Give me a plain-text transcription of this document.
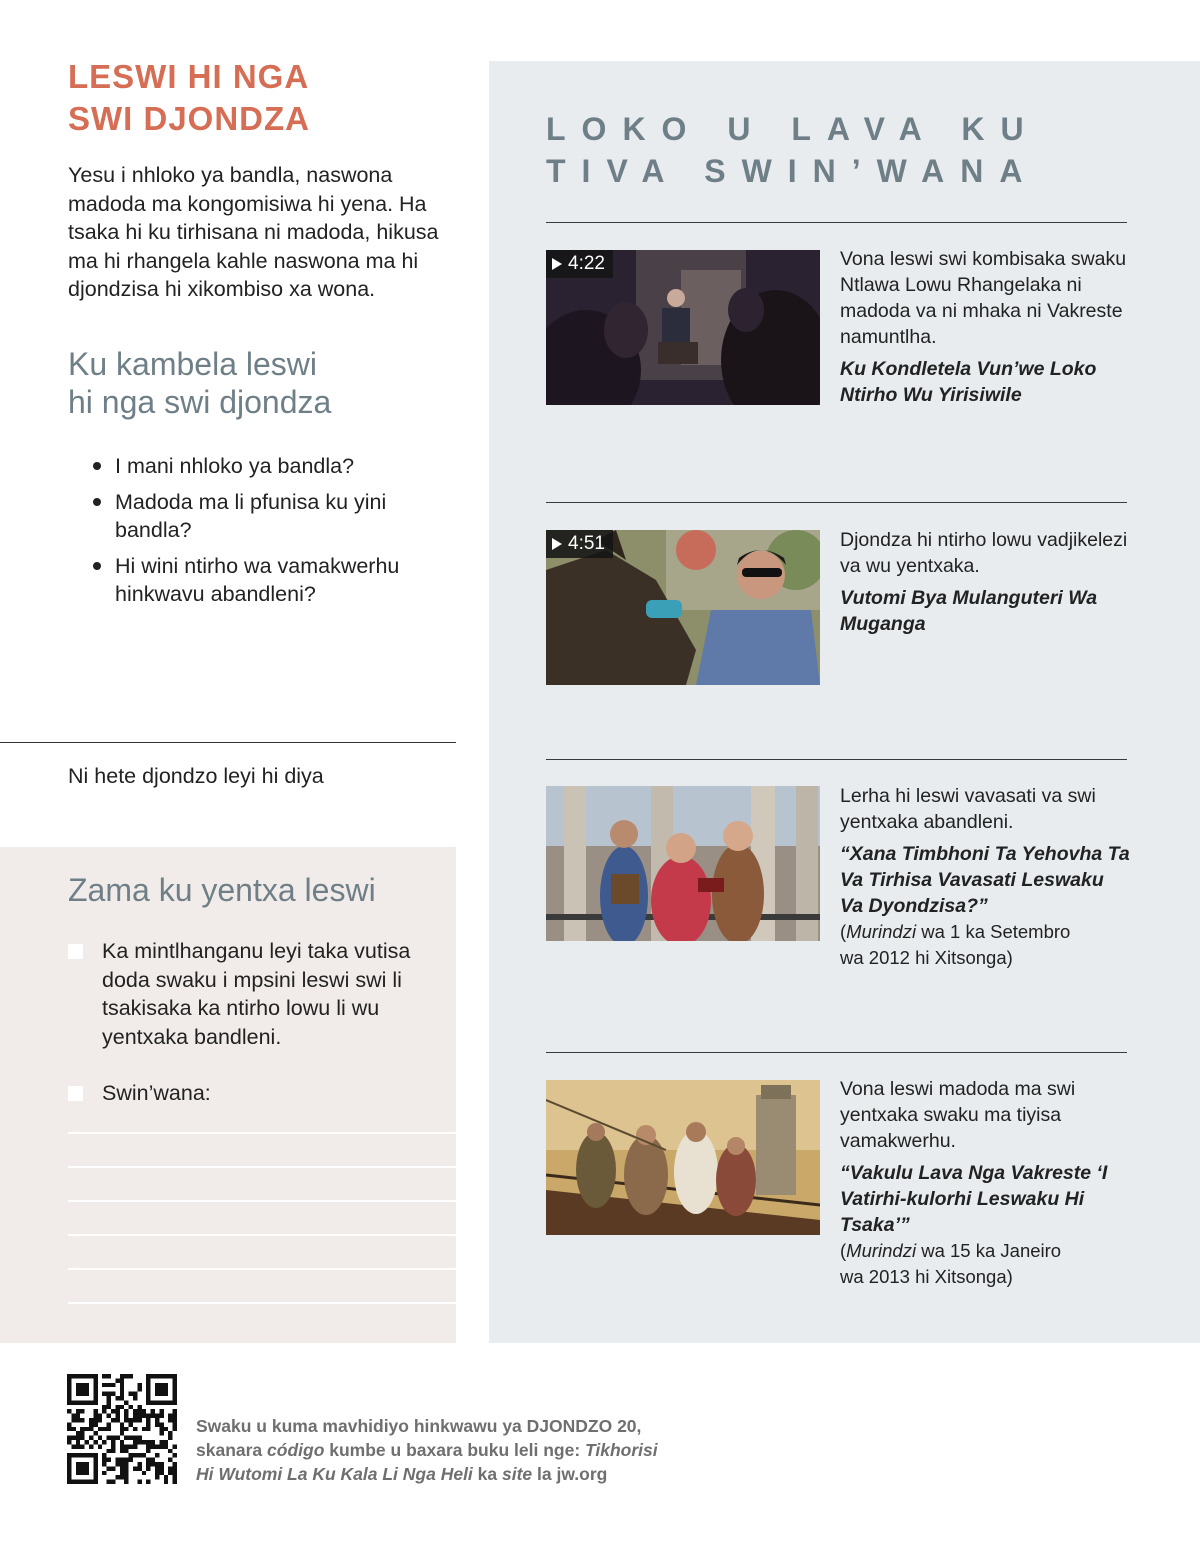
LESWI HI NGA
SWI DJONDZA

Yesu i nhloko ya bandla, naswona madoda ma kongomisiwa hi yena. Ha tsaka hi ku tirhisana ni madoda, hikusa ma hi rhangela kahle naswona ma hi djondzisa hi xikombiso xa wona.

Ku kambela leswi
hi nga swi djondza
I mani nhloko ya bandla?
Madoda ma li pfunisa ku yini bandla?
Hi wini ntirho wa vamakwerhu hinkwavu abandleni?
Ni hete djondzo leyi hi diya
Zama ku yentxa leswi
Ka mintlhanganu leyi taka vutisa doda swaku i mpsini leswi swi li tsakisaka ka ntirho lowu li wu yentxaka bandleni.
Swin’wana:
LOKO U LAVA KU
TIVA SWIN’WANA
4:22	Vona leswi swi kombisaka swaku Ntlawa Lowu Rhangelaka ni madoda va ni mhaka ni Vakreste namuntlha.
Ku Kondletela Vun’we Loko Ntirho Wu Yirisiwile
4:51	Djondza hi ntirho lowu vadjikelezi va wu yentxaka.
Vutomi Bya Mulanguteri Wa Muganga
Lerha hi leswi vavasati va swi yentxaka abandleni.
“Xana Timbhoni Ta Yehovha Ta Va Tirhisa Vavasati Leswaku Va Dyondzisa?”
(Murindzi wa 1 ka Setembro
wa 2012 hi Xitsonga)
Vona leswi madoda ma swi yentxaka swaku ma tiyisa vamakwerhu.
“Vakulu Lava Nga Vakreste ‘I Vatirhi-kulorhi Leswaku Hi Tsaka’”
(Murindzi wa 15 ka Janeiro
wa 2013 hi Xitsonga)
Swaku u kuma mavhidiyo hinkwawu ya DJONDZO 20,
skanara código kumbe u baxara buku leli nge: Tikhorisi
Hi Wutomi La Ku Kala Li Nga Heli ka site la jw.org
